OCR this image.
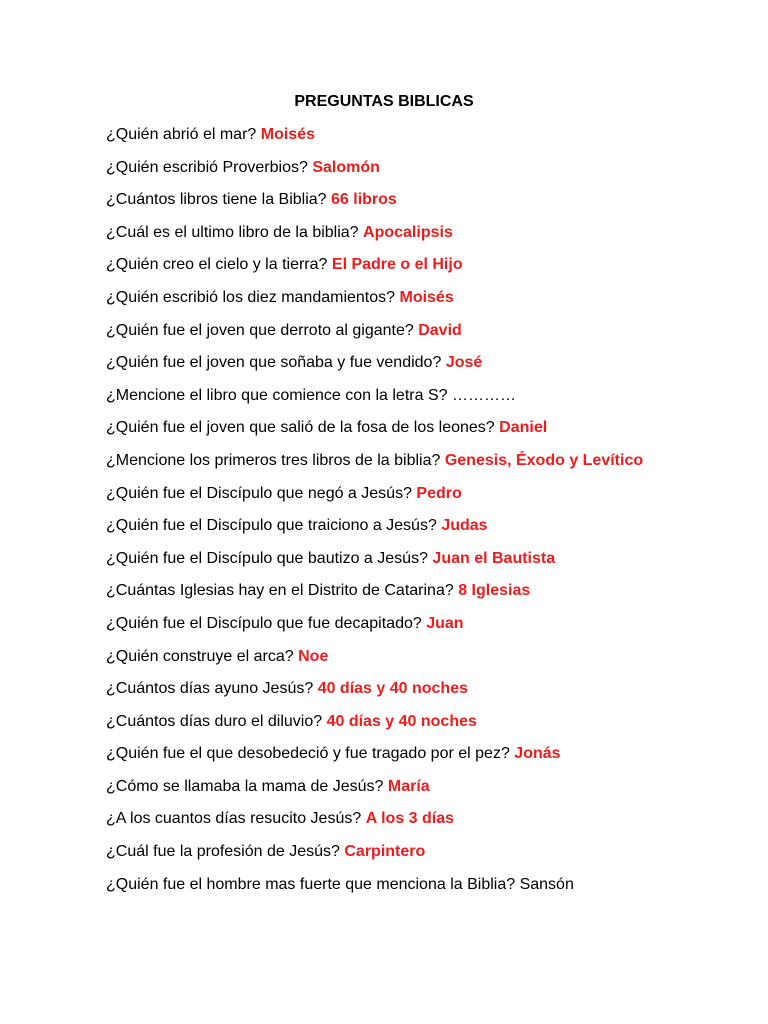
PREGUNTAS BIBLICAS
¿Quién abrió el mar? Moisés
¿Quién escribió Proverbios? Salomón
¿Cuántos libros tiene la Biblia? 66 libros
¿Cuál es el ultimo libro de la biblia? Apocalipsis
¿Quién creo el cielo y la tierra? El Padre o el Hijo
¿Quién escribió los diez mandamientos? Moisés
¿Quién fue el joven que derroto al gigante? David
¿Quién fue el joven que soñaba y fue vendido? José
¿Mencione el libro que comience con la letra S? …………
¿Quién fue el joven que salió de la fosa de los leones? Daniel
¿Mencione los primeros tres libros de la biblia? Genesis, Éxodo y Levítico
¿Quién fue el Discípulo que negó a Jesús? Pedro
¿Quién fue el Discípulo que traiciono a Jesús? Judas
¿Quién fue el Discípulo que bautizo a Jesús? Juan el Bautista
¿Cuántas Iglesias hay en el Distrito de Catarina? 8 Iglesias
¿Quién fue el Discípulo que fue decapitado? Juan
¿Quién construye el arca? Noe
¿Cuántos días ayuno Jesús? 40 días y 40 noches
¿Cuántos días duro el diluvio? 40 días y 40 noches
¿Quién fue el que desobedeció y fue tragado por el pez? Jonás
¿Cómo se llamaba la mama de Jesús? María
¿A los cuantos días resucito Jesús? A los 3 días
¿Cuál fue la profesión de Jesús? Carpintero
¿Quién fue el hombre mas fuerte que menciona la Biblia? Sansón
